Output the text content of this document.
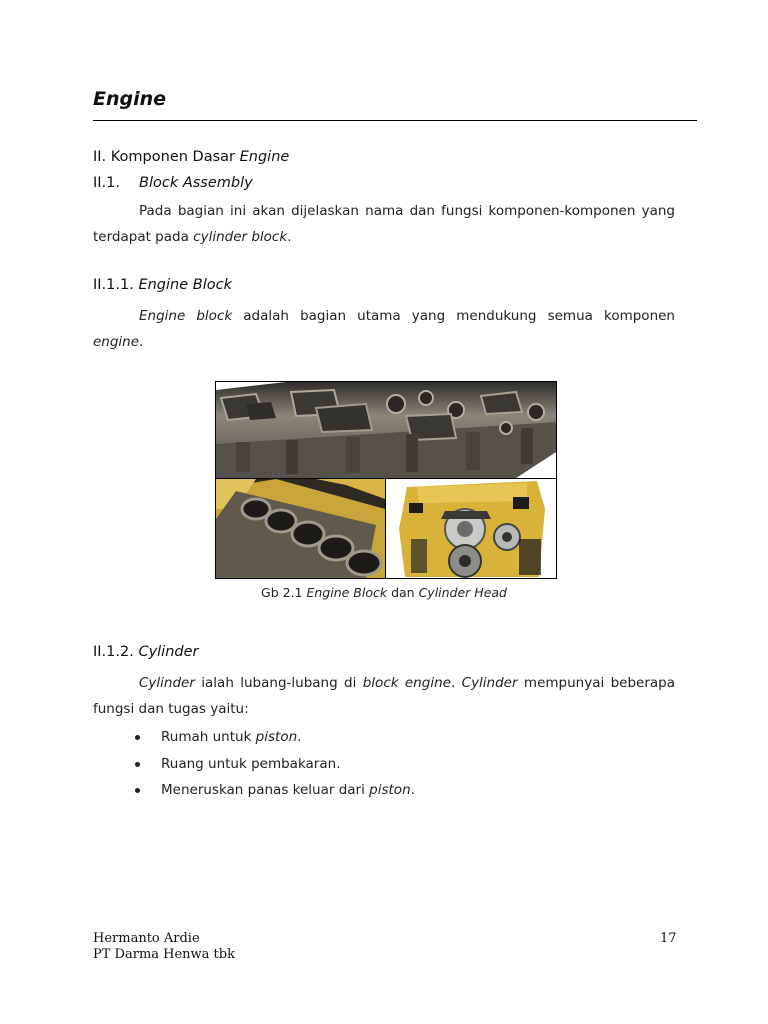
Engine
II. Komponen Dasar Engine
II.1. Block Assembly
Pada bagian ini akan dijelaskan nama dan fungsi komponen-komponen yang terdapat pada cylinder block.
II.1.1. Engine Block
Engine block adalah bagian utama yang mendukung semua komponen engine.
Gb 2.1 Engine Block dan Cylinder Head
II.1.2. Cylinder
Cylinder ialah lubang-lubang di block engine. Cylinder mempunyai beberapa fungsi dan tugas yaitu:
Rumah untuk piston.
Ruang untuk pembakaran.
Meneruskan panas keluar dari piston.
Hermanto Ardie
PT Darma Henwa tbk
17
